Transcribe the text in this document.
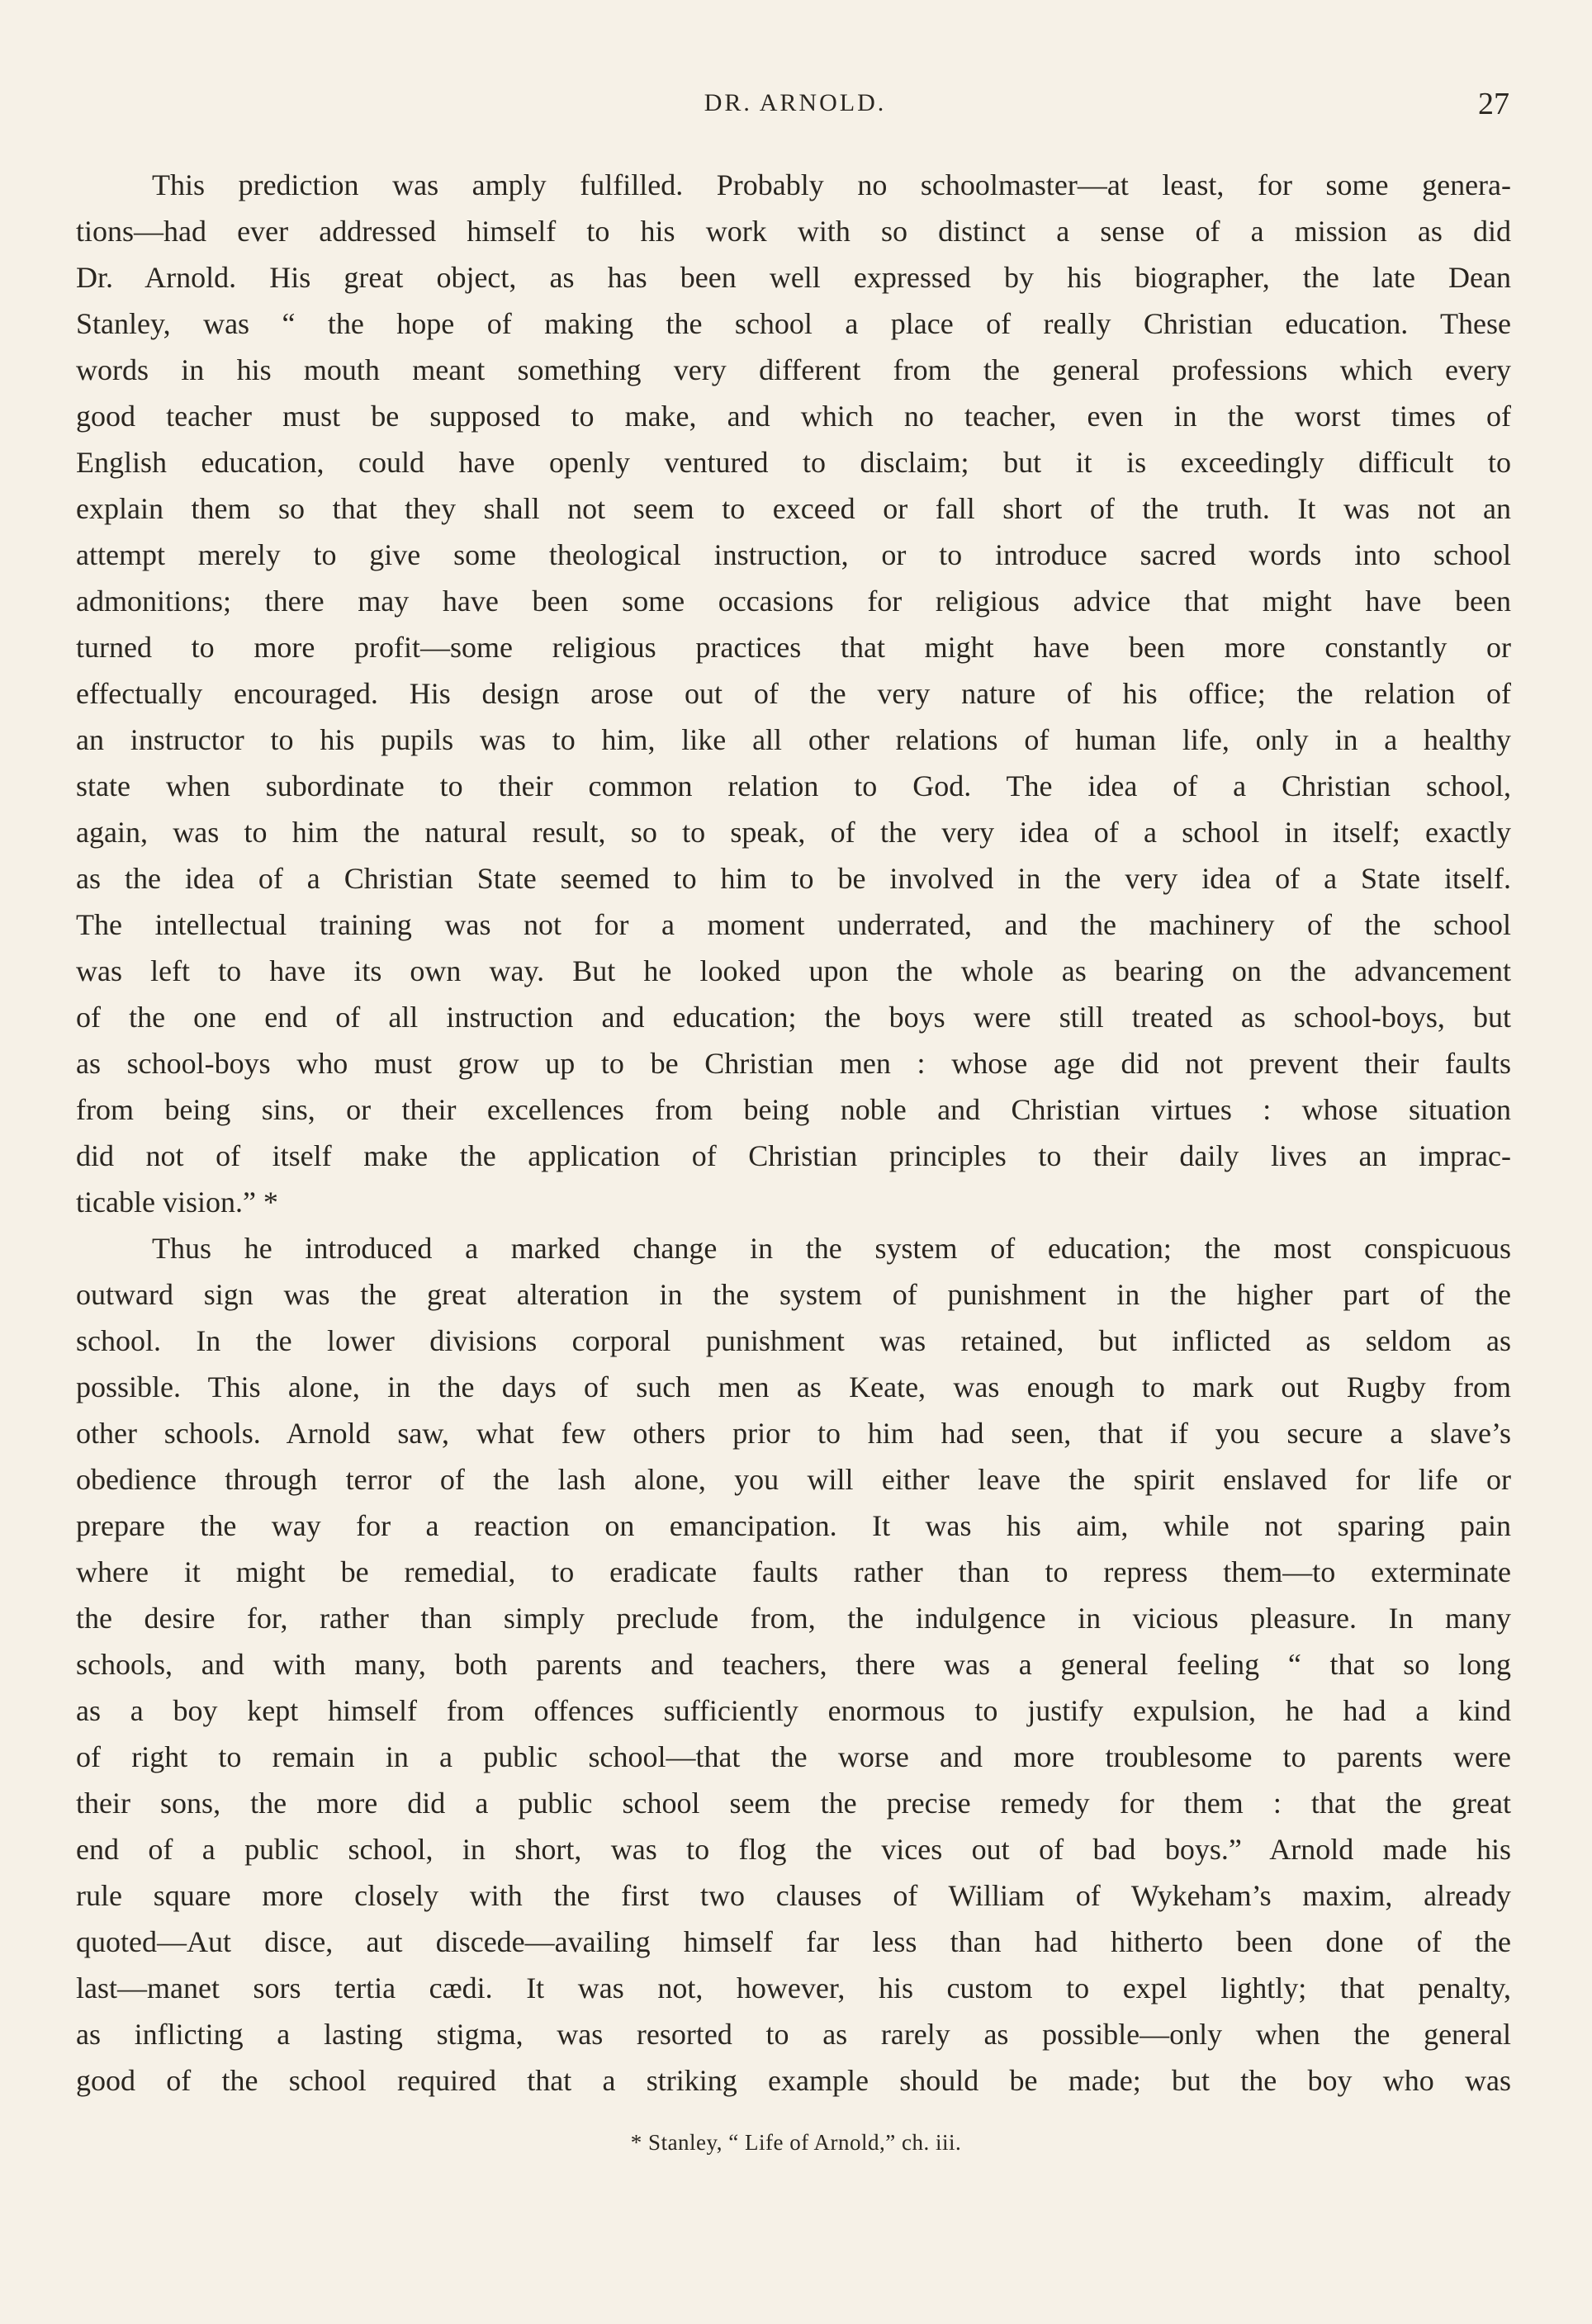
DR. ARNOLD.	27
This prediction was amply fulfilled. Probably no schoolmaster—at least, for some genera-
tions—had ever addressed himself to his work with so distinct a sense of a mission as did
Dr. Arnold. His great object, as has been well expressed by his biographer, the late Dean
Stanley, was “ the hope of making the school a place of really Christian education. These
words in his mouth meant something very different from the general professions which every
good teacher must be supposed to make, and which no teacher, even in the worst times of
English education, could have openly ventured to disclaim; but it is exceedingly difficult to
explain them so that they shall not seem to exceed or fall short of the truth. It was not an
attempt merely to give some theological instruction, or to introduce sacred words into school
admonitions; there may have been some occasions for religious advice that might have been
turned to more profit—some religious practices that might have been more constantly or
effectually encouraged. His design arose out of the very nature of his office; the relation of
an instructor to his pupils was to him, like all other relations of human life, only in a healthy
state when subordinate to their common relation to God. The idea of a Christian school,
again, was to him the natural result, so to speak, of the very idea of a school in itself; exactly
as the idea of a Christian State seemed to him to be involved in the very idea of a State itself.
The intellectual training was not for a moment underrated, and the machinery of the school
was left to have its own way. But he looked upon the whole as bearing on the advancement
of the one end of all instruction and education; the boys were still treated as school-boys, but
as school-boys who must grow up to be Christian men : whose age did not prevent their faults
from being sins, or their excellences from being noble and Christian virtues : whose situation
did not of itself make the application of Christian principles to their daily lives an imprac-
ticable vision.” *
Thus he introduced a marked change in the system of education; the most conspicuous
outward sign was the great alteration in the system of punishment in the higher part of the
school. In the lower divisions corporal punishment was retained, but inflicted as seldom as
possible. This alone, in the days of such men as Keate, was enough to mark out Rugby from
other schools. Arnold saw, what few others prior to him had seen, that if you secure a slave’s
obedience through terror of the lash alone, you will either leave the spirit enslaved for life or
prepare the way for a reaction on emancipation. It was his aim, while not sparing pain
where it might be remedial, to eradicate faults rather than to repress them—to exterminate
the desire for, rather than simply preclude from, the indulgence in vicious pleasure. In many
schools, and with many, both parents and teachers, there was a general feeling “ that so long
as a boy kept himself from offences sufficiently enormous to justify expulsion, he had a kind
of right to remain in a public school—that the worse and more troublesome to parents were
their sons, the more did a public school seem the precise remedy for them : that the great
end of a public school, in short, was to flog the vices out of bad boys.” Arnold made his
rule square more closely with the first two clauses of William of Wykeham’s maxim, already
quoted—Aut disce, aut discede—availing himself far less than had hitherto been done of the
last—manet sors tertia cædi. It was not, however, his custom to expel lightly; that penalty,
as inflicting a lasting stigma, was resorted to as rarely as possible—only when the general
good of the school required that a striking example should be made; but the boy who was
* Stanley, “ Life of Arnold,” ch. iii.
